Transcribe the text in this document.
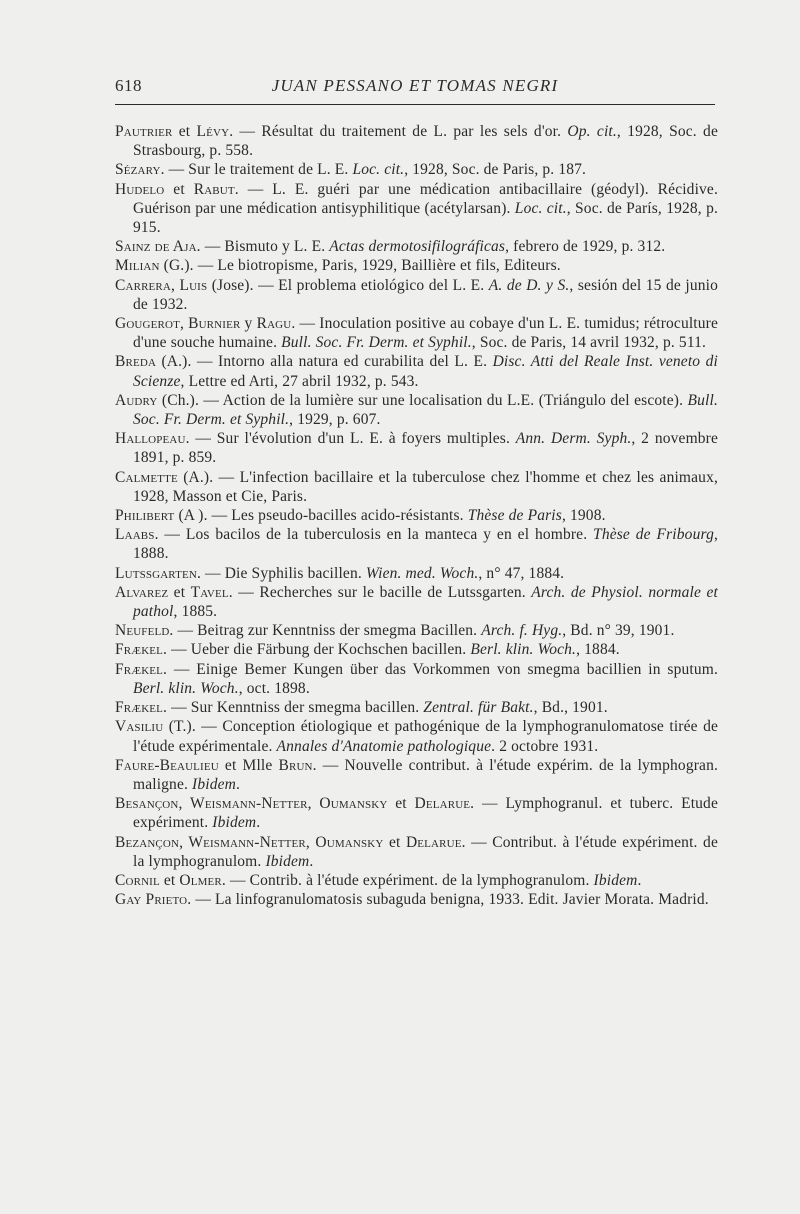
618	JUAN PESSANO ET TOMAS NEGRI

Pautrier et Lévy. — Résultat du traitement de L. par les sels d'or. Op. cit., 1928, Soc. de Strasbourg, p. 558.

Sézary. — Sur le traitement de L. E. Loc. cit., 1928, Soc. de Paris, p. 187.

Hudelo et Rabut. — L. E. guéri par une médication antibacillaire (géodyl). Récidive. Guérison par une médication antisyphilitique (acétylarsan). Loc. cit., Soc. de París, 1928, p. 915.

Sainz de Aja. — Bismuto y L. E. Actas dermotosifilográficas, febrero de 1929, p. 312.

Milian (G.). — Le biotropisme, Paris, 1929, Baillière et fils, Editeurs.

Carrera, Luis (Jose). — El problema etiológico del L. E. A. de D. y S., sesión del 15 de junio de 1932.

Gougerot, Burnier y Ragu. — Inoculation positive au cobaye d'un L. E. tumidus; rétroculture d'une souche humaine. Bull. Soc. Fr. Derm. et Syphil., Soc. de Paris, 14 avril 1932, p. 511.

Breda (A.). — Intorno alla natura ed curabilita del L. E. Disc. Atti del Reale Inst. veneto di Scienze, Lettre ed Arti, 27 abril 1932, p. 543.

Audry (Ch.). — Action de la lumière sur une localisation du L.E. (Triángulo del escote). Bull. Soc. Fr. Derm. et Syphil., 1929, p. 607.

Hallopeau. — Sur l'évolution d'un L. E. à foyers multiples. Ann. Derm. Syph., 2 novembre 1891, p. 859.

Calmette (A.). — L'infection bacillaire et la tuberculose chez l'homme et chez les animaux, 1928, Masson et Cie, Paris.

Philibert (A ). — Les pseudo-bacilles acido-résistants. Thèse de Paris, 1908.

Laabs. — Los bacilos de la tuberculosis en la manteca y en el hombre. Thèse de Fribourg, 1888.

Lutssgarten. — Die Syphilis bacillen. Wien. med. Woch., n° 47, 1884.

Alvarez et Tavel. — Recherches sur le bacille de Lutssgarten. Arch. de Physiol. normale et pathol, 1885.

Neufeld. — Beitrag zur Kenntniss der smegma Bacillen. Arch. f. Hyg., Bd. n° 39, 1901.

Frækel. — Ueber die Färbung der Kochschen bacillen. Berl. klin. Woch., 1884.

Frækel. — Einige Bemer Kungen über das Vorkommen von smegma bacillien in sputum. Berl. klin. Woch., oct. 1898.

Frækel. — Sur Kenntniss der smegma bacillen. Zentral. für Bakt., Bd., 1901.

Vasiliu (T.). — Conception étiologique et pathogénique de la lymphogranulomatose tirée de l'étude expérimentale. Annales d'Anatomie pathologique. 2 octobre 1931.

Faure-Beaulieu et Mlle Brun. — Nouvelle contribut. à l'étude expérim. de la lymphogran. maligne. Ibidem.

Besançon, Weismann-Netter, Oumansky et Delarue. — Lymphogranul. et tuberc. Etude expériment. Ibidem.

Bezançon, Weismann-Netter, Oumansky et Delarue. — Contribut. à l'étude expériment. de la lymphogranulom. Ibidem.

Cornil et Olmer. — Contrib. à l'étude expériment. de la lymphogranulom. Ibidem.

Gay Prieto. — La linfogranulomatosis subaguda benigna, 1933. Edit. Javier Morata. Madrid.
